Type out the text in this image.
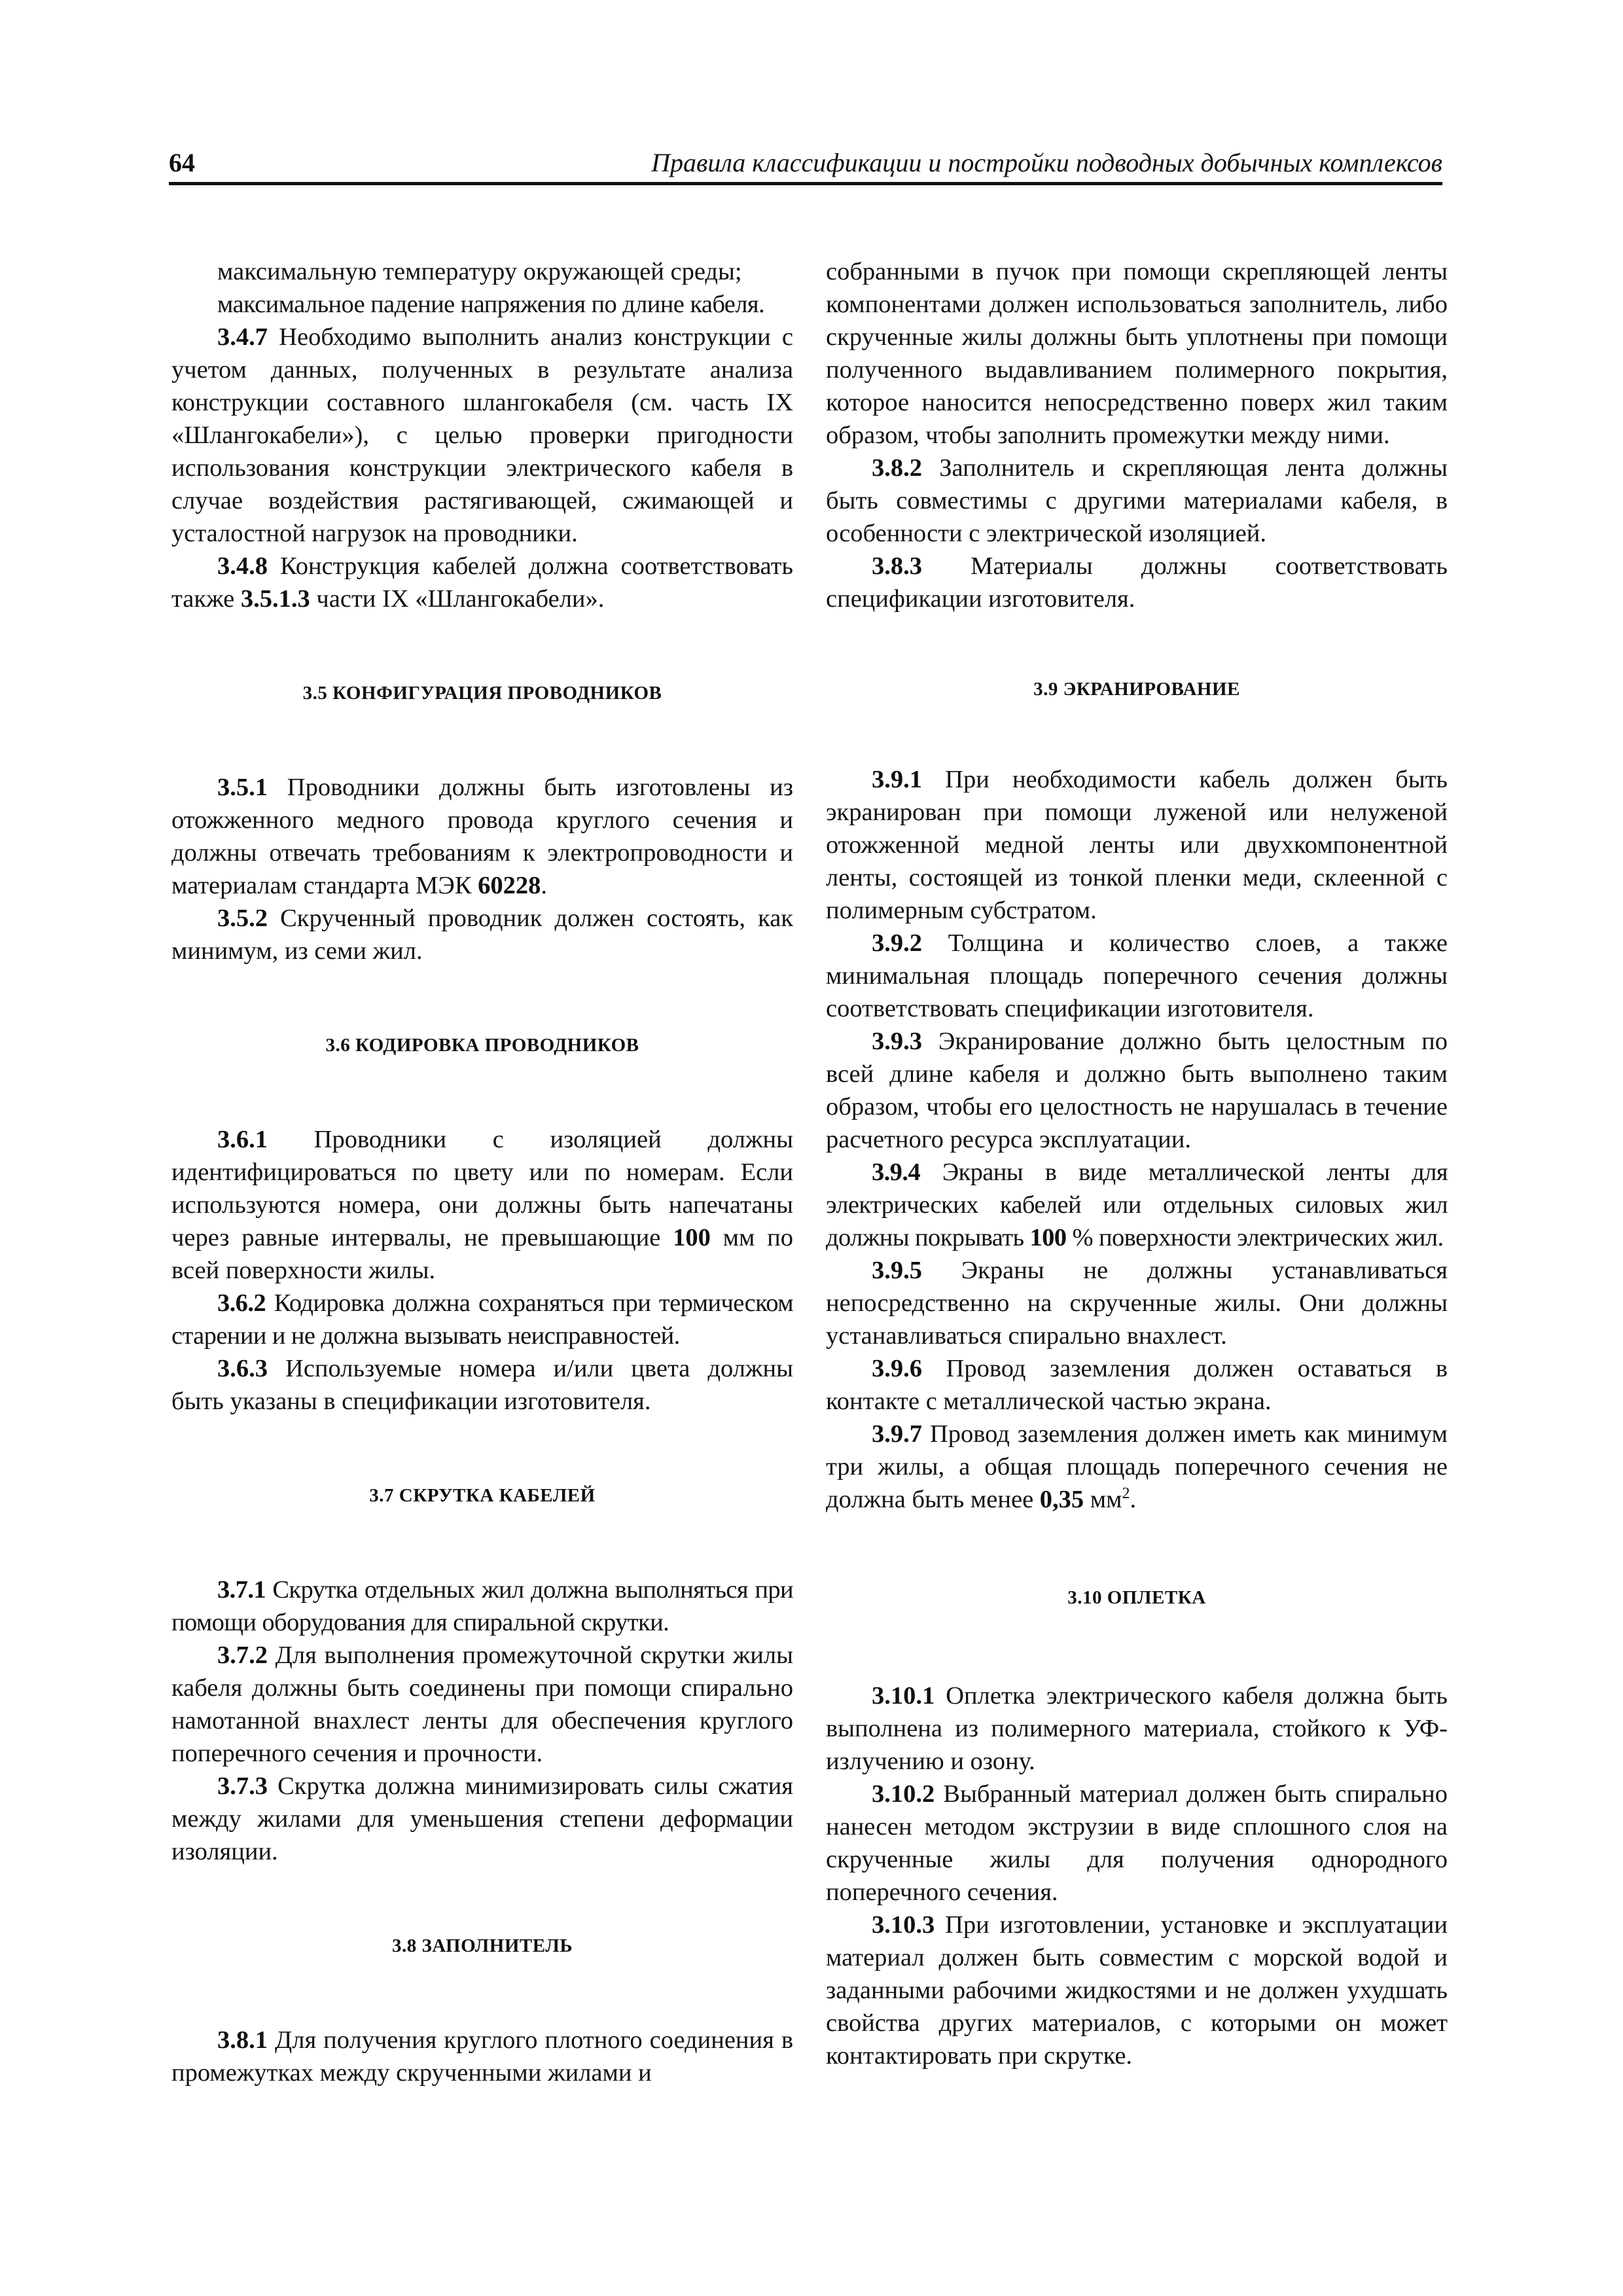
64	Правила классификации и постройки подводных добычных комплексов

максимальную температуру окружающей среды;

максимальное падение напряжения по длине кабеля.

3.4.7 Необходимо выполнить анализ конструкции с учетом данных, полученных в результате анализа конструкции составного шлангокабеля (см. часть IX «Шлангокабели»), с целью проверки пригодности использования конструкции электрического кабеля в случае воздействия растягивающей, сжимающей и усталостной нагрузок на проводники.

3.4.8 Конструкция кабелей должна соответствовать также 3.5.1.3 части IX «Шлангокабели».

3.5 КОНФИГУРАЦИЯ ПРОВОДНИКОВ

3.5.1 Проводники должны быть изготовлены из отожженного медного провода круглого сечения и должны отвечать требованиям к электропроводности и материалам стандарта МЭК 60228.

3.5.2 Скрученный проводник должен состоять, как минимум, из семи жил.

3.6 КОДИРОВКА ПРОВОДНИКОВ

3.6.1 Проводники с изоляцией должны идентифицироваться по цвету или по номерам. Если используются номера, они должны быть напечатаны через равные интервалы, не превышающие 100 мм по всей поверхности жилы.

3.6.2 Кодировка должна сохраняться при термическом старении и не должна вызывать неисправностей.

3.6.3 Используемые номера и/или цвета должны быть указаны в спецификации изготовителя.

3.7 СКРУТКА КАБЕЛЕЙ

3.7.1 Скрутка отдельных жил должна выполняться при помощи оборудования для спиральной скрутки.

3.7.2 Для выполнения промежуточной скрутки жилы кабеля должны быть соединены при помощи спирально намотанной внахлест ленты для обеспечения круглого поперечного сечения и прочности.

3.7.3 Скрутка должна минимизировать силы сжатия между жилами для уменьшения степени деформации изоляции.

3.8 ЗАПОЛНИТЕЛЬ

3.8.1 Для получения круглого плотного соединения в промежутках между скрученными жилами и

собранными в пучок при помощи скрепляющей ленты компонентами должен использоваться заполнитель, либо скрученные жилы должны быть уплотнены при помощи полученного выдавливанием полимерного покрытия, которое наносится непосредственно поверх жил таким образом, чтобы заполнить промежутки между ними.

3.8.2 Заполнитель и скрепляющая лента должны быть совместимы с другими материалами кабеля, в особенности с электрической изоляцией.

3.8.3 Материалы должны соответствовать спецификации изготовителя.

3.9 ЭКРАНИРОВАНИЕ

3.9.1 При необходимости кабель должен быть экранирован при помощи луженой или нелуженой отожженной медной ленты или двухкомпонентной ленты, состоящей из тонкой пленки меди, склеенной с полимерным субстратом.

3.9.2 Толщина и количество слоев, а также минимальная площадь поперечного сечения должны соответствовать спецификации изготовителя.

3.9.3 Экранирование должно быть целостным по всей длине кабеля и должно быть выполнено таким образом, чтобы его целостность не нарушалась в течение расчетного ресурса эксплуатации.

3.9.4 Экраны в виде металлической ленты для электрических кабелей или отдельных силовых жил должны покрывать 100 % поверхности электрических жил.

3.9.5 Экраны не должны устанавливаться непосредственно на скрученные жилы. Они должны устанавливаться спирально внахлест.

3.9.6 Провод заземления должен оставаться в контакте с металлической частью экрана.

3.9.7 Провод заземления должен иметь как минимум три жилы, а общая площадь поперечного сечения не должна быть менее 0,35 $мм^2$.

3.10 ОПЛЕТКА

3.10.1 Оплетка электрического кабеля должна быть выполнена из полимерного материала, стойкого к УФ-излучению и озону.

3.10.2 Выбранный материал должен быть спирально нанесен методом экструзии в виде сплошного слоя на скрученные жилы для получения однородного поперечного сечения.

3.10.3 При изготовлении, установке и эксплуатации материал должен быть совместим с морской водой и заданными рабочими жидкостями и не должен ухудшать свойства других материалов, с которыми он может контактировать при скрутке.
